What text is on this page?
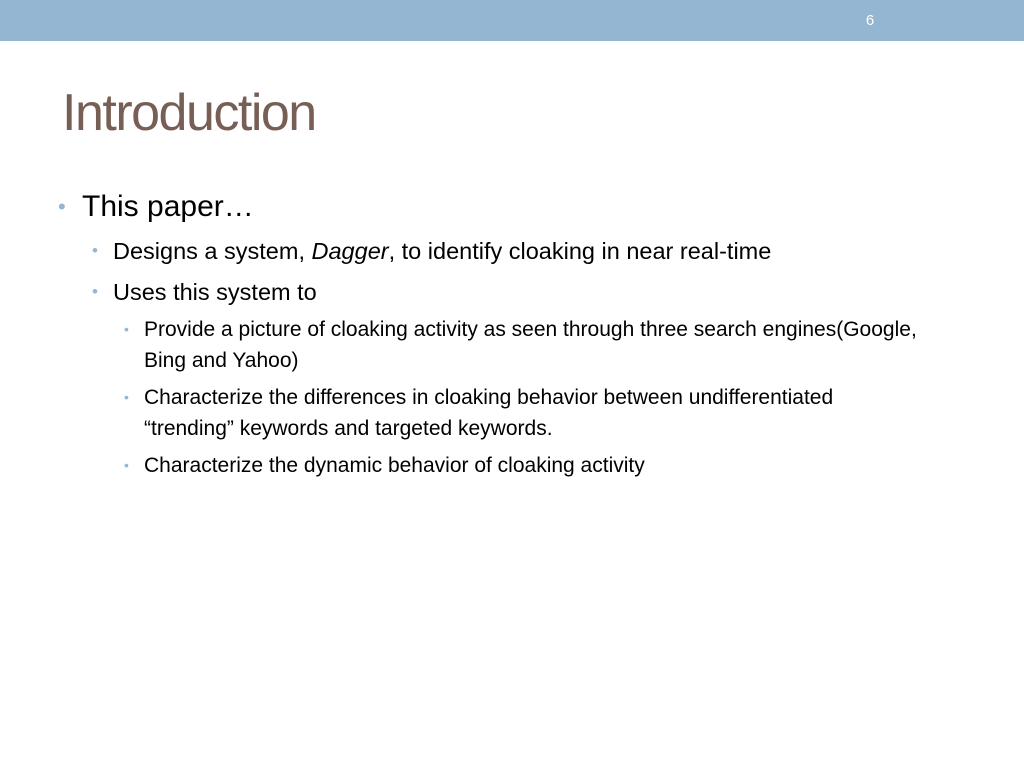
6
Introduction

• This paper…

• Designs a system, Dagger, to identify cloaking in near real-time

• Uses this system to

• Provide a picture of cloaking activity as seen through three search engines(Google, Bing and Yahoo)

• Characterize the differences in cloaking behavior between undifferentiated “trending” keywords and targeted keywords.

• Characterize the dynamic behavior of cloaking activity
